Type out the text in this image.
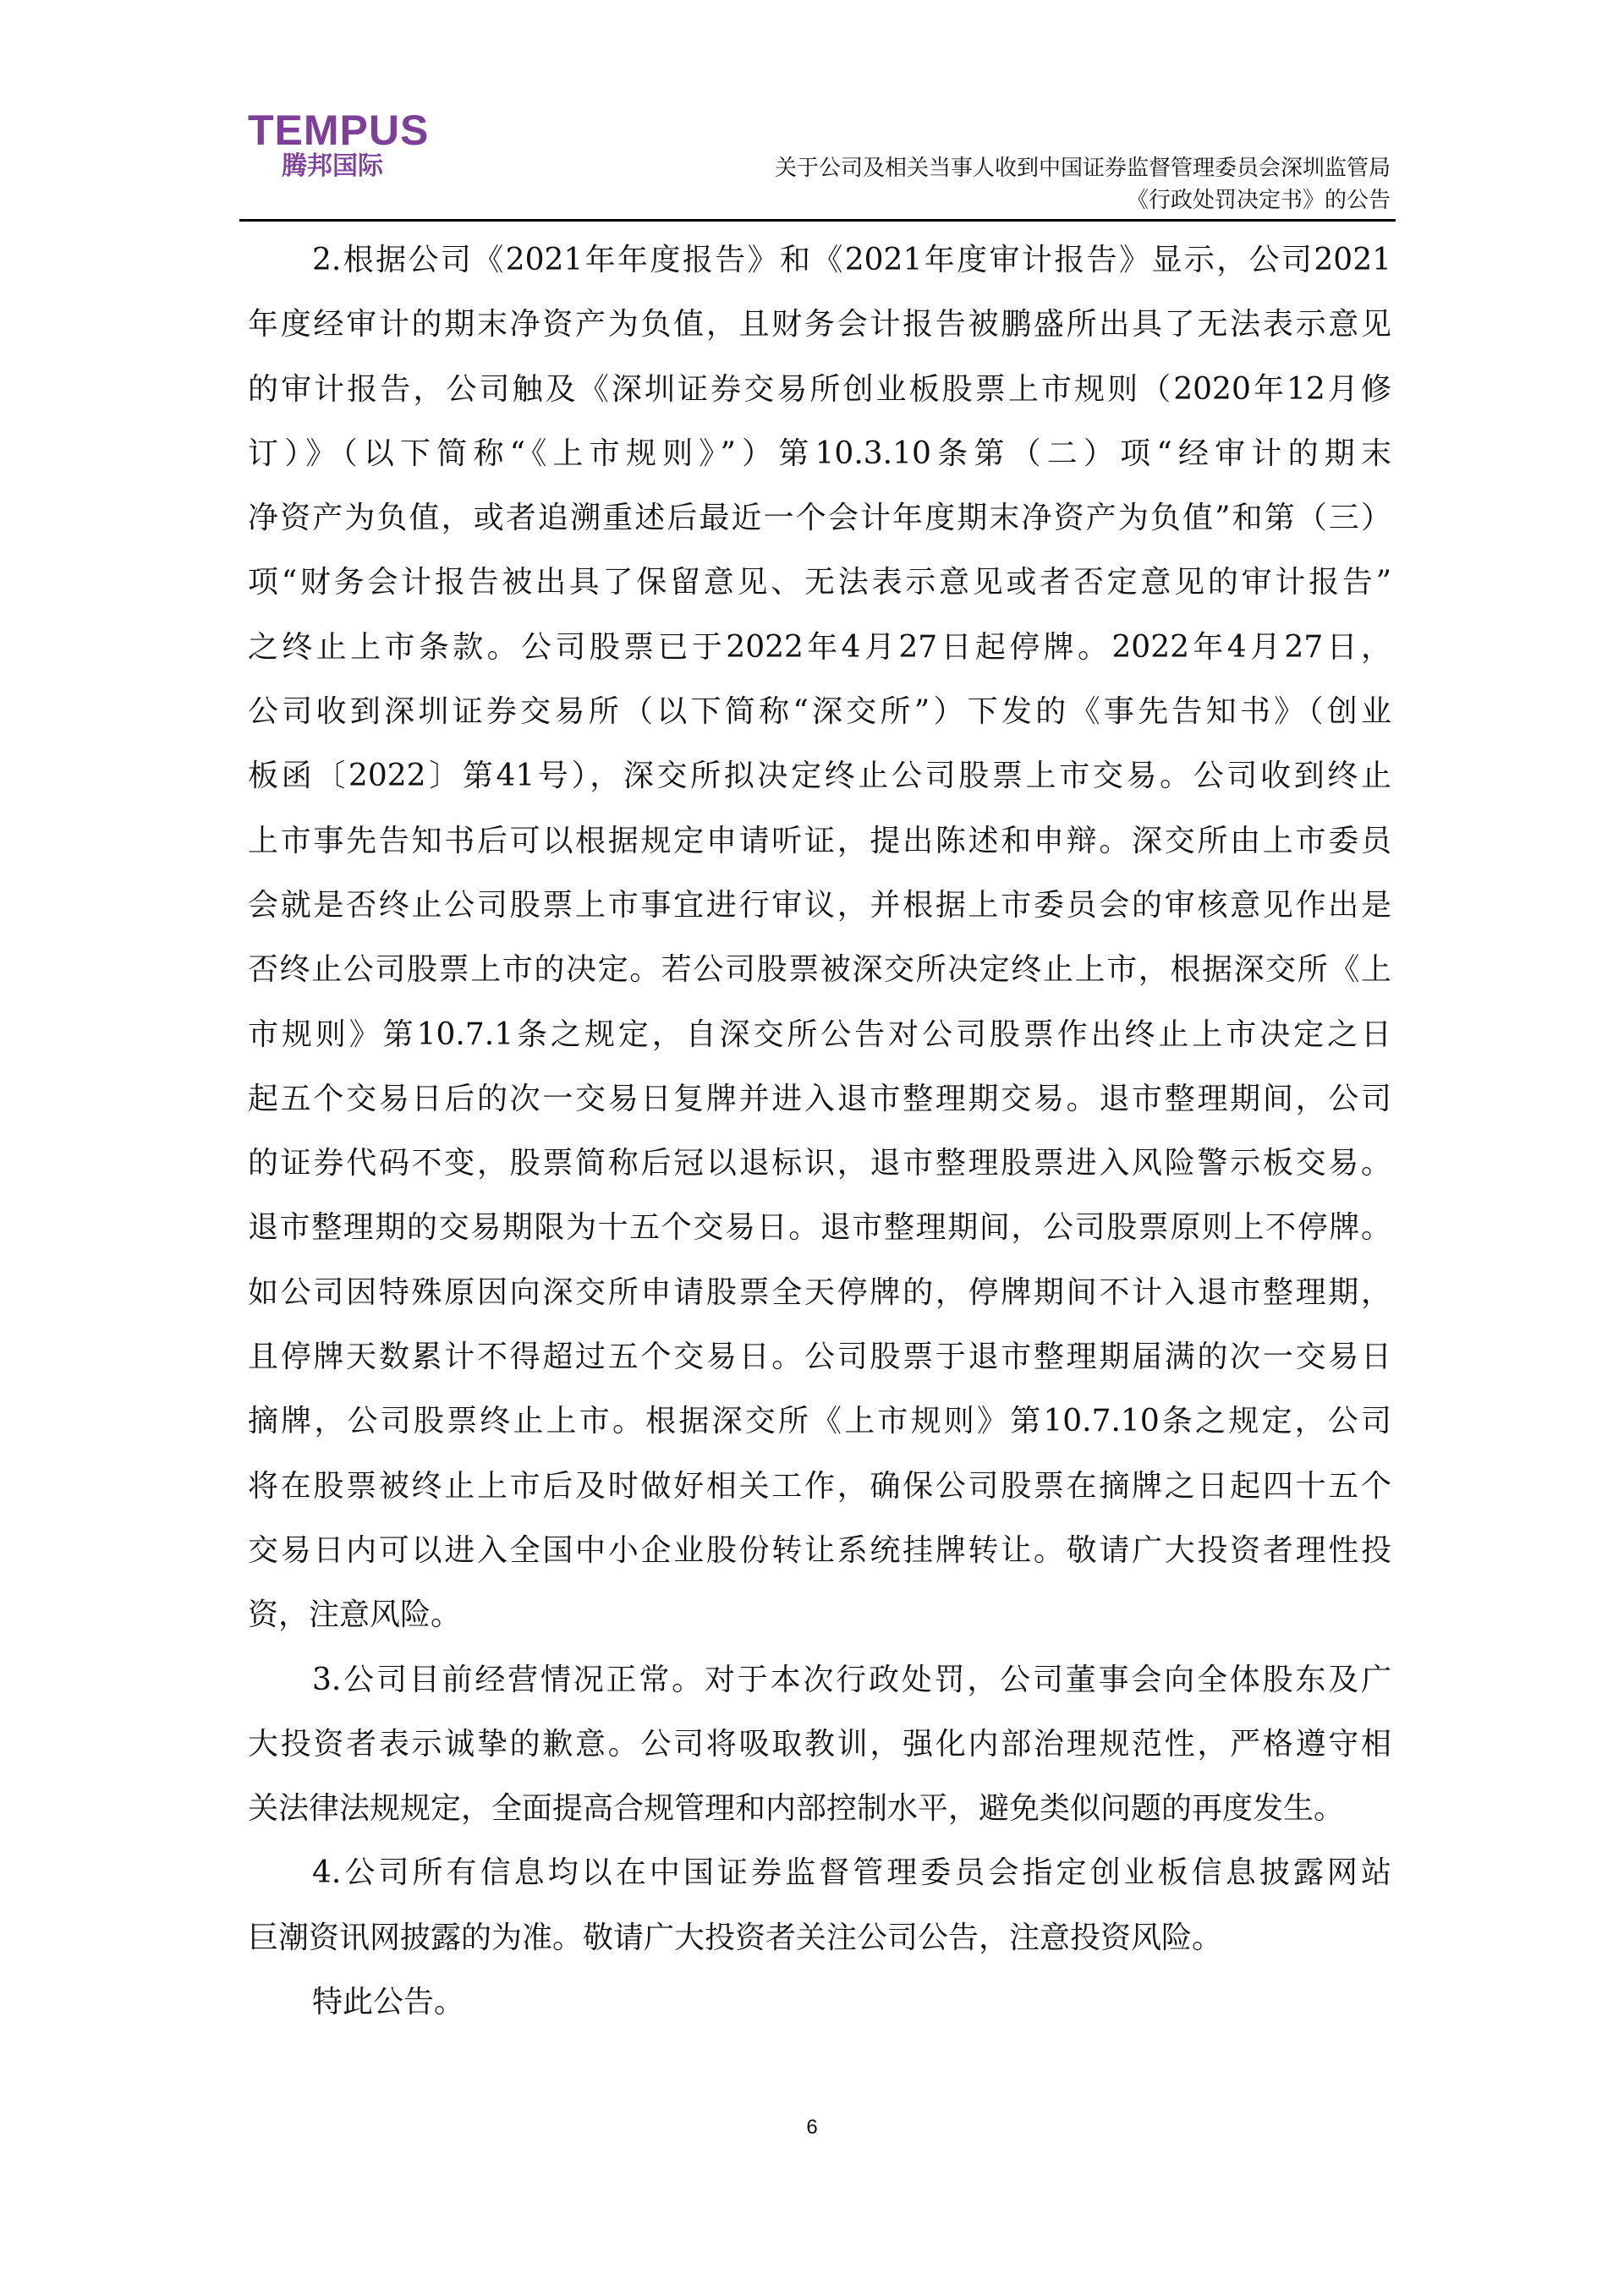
TEMPUS
腾邦国际	关于公司及相关当事人收到中国证券监督管理委员会深圳监管局
《行政处罚决定书》的公告
2.根据公司《2021年年度报告》和《2021年度审计报告》显示，公司2021
年度经审计的期末净资产为负值，且财务会计报告被鹏盛所出具了无法表示意见
的审计报告，公司触及《深圳证券交易所创业板股票上市规则（2020年12月修
订）》（以下简称“《上市规则》”）第10.3.10条第（二）项“经审计的期末
净资产为负值，或者追溯重述后最近一个会计年度期末净资产为负值”和第（三）
项“财务会计报告被出具了保留意见、无法表示意见或者否定意见的审计报告”
之终止上市条款。公司股票已于2022年4月27日起停牌。2022年4月27日，
公司收到深圳证券交易所（以下简称“深交所”）下发的《事先告知书》（创业
板函〔2022〕第41号），深交所拟决定终止公司股票上市交易。公司收到终止
上市事先告知书后可以根据规定申请听证，提出陈述和申辩。深交所由上市委员
会就是否终止公司股票上市事宜进行审议，并根据上市委员会的审核意见作出是
否终止公司股票上市的决定。若公司股票被深交所决定终止上市，根据深交所《上
市规则》第10.7.1条之规定，自深交所公告对公司股票作出终止上市决定之日
起五个交易日后的次一交易日复牌并进入退市整理期交易。退市整理期间，公司
的证券代码不变，股票简称后冠以退标识，退市整理股票进入风险警示板交易。
退市整理期的交易期限为十五个交易日。退市整理期间，公司股票原则上不停牌。
如公司因特殊原因向深交所申请股票全天停牌的，停牌期间不计入退市整理期，
且停牌天数累计不得超过五个交易日。公司股票于退市整理期届满的次一交易日
摘牌，公司股票终止上市。根据深交所《上市规则》第10.7.10条之规定，公司
将在股票被终止上市后及时做好相关工作，确保公司股票在摘牌之日起四十五个
交易日内可以进入全国中小企业股份转让系统挂牌转让。敬请广大投资者理性投
资，注意风险。
3.公司目前经营情况正常。对于本次行政处罚，公司董事会向全体股东及广
大投资者表示诚挚的歉意。公司将吸取教训，强化内部治理规范性，严格遵守相
关法律法规规定，全面提高合规管理和内部控制水平，避免类似问题的再度发生。
4.公司所有信息均以在中国证券监督管理委员会指定创业板信息披露网站
巨潮资讯网披露的为准。敬请广大投资者关注公司公告，注意投资风险。
特此公告。
6
